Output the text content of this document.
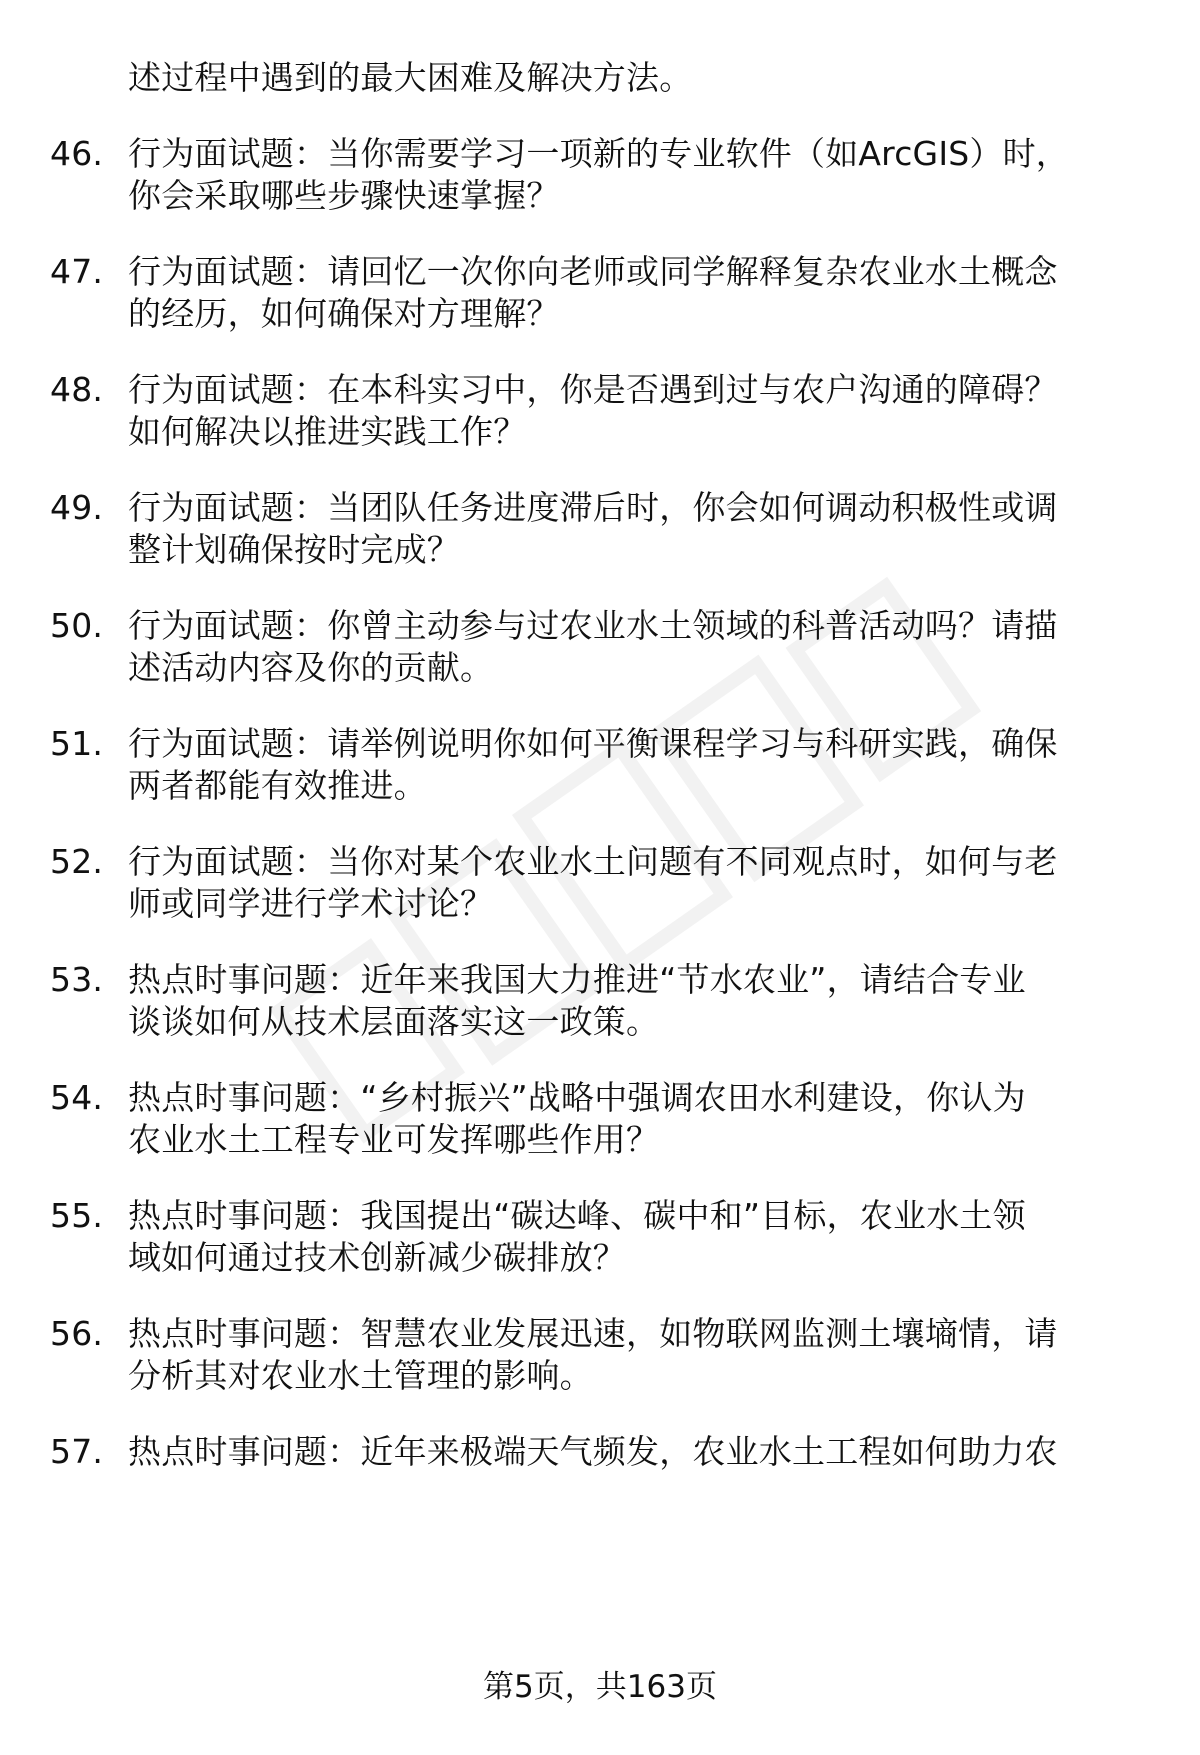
述过程中遇到的最大困难及解决方法。
46. 行为面试题：当你需要学习一项新的专业软件（如ArcGIS）时，
你会采取哪些步骤快速掌握？
47. 行为面试题：请回忆一次你向老师或同学解释复杂农业水土概念
的经历，如何确保对方理解？
48. 行为面试题：在本科实习中，你是否遇到过与农户沟通的障碍？
如何解决以推进实践工作？
49. 行为面试题：当团队任务进度滞后时，你会如何调动积极性或调
整计划确保按时完成？
50. 行为面试题：你曾主动参与过农业水土领域的科普活动吗？请描
述活动内容及你的贡献。
51. 行为面试题：请举例说明你如何平衡课程学习与科研实践，确保
两者都能有效推进。
52. 行为面试题：当你对某个农业水土问题有不同观点时，如何与老
师或同学进行学术讨论？
53. 热点时事问题：近年来我国大力推进“节水农业”，请结合专业
谈谈如何从技术层面落实这一政策。
54. 热点时事问题：“乡村振兴”战略中强调农田水利建设，你认为
农业水土工程专业可发挥哪些作用？
55. 热点时事问题：我国提出“碳达峰、碳中和”目标，农业水土领
域如何通过技术创新减少碳排放？
56. 热点时事问题：智慧农业发展迅速，如物联网监测土壤墒情，请
分析其对农业水土管理的影响。
57. 热点时事问题：近年来极端天气频发，农业水土工程如何助力农
第5页，共163页
